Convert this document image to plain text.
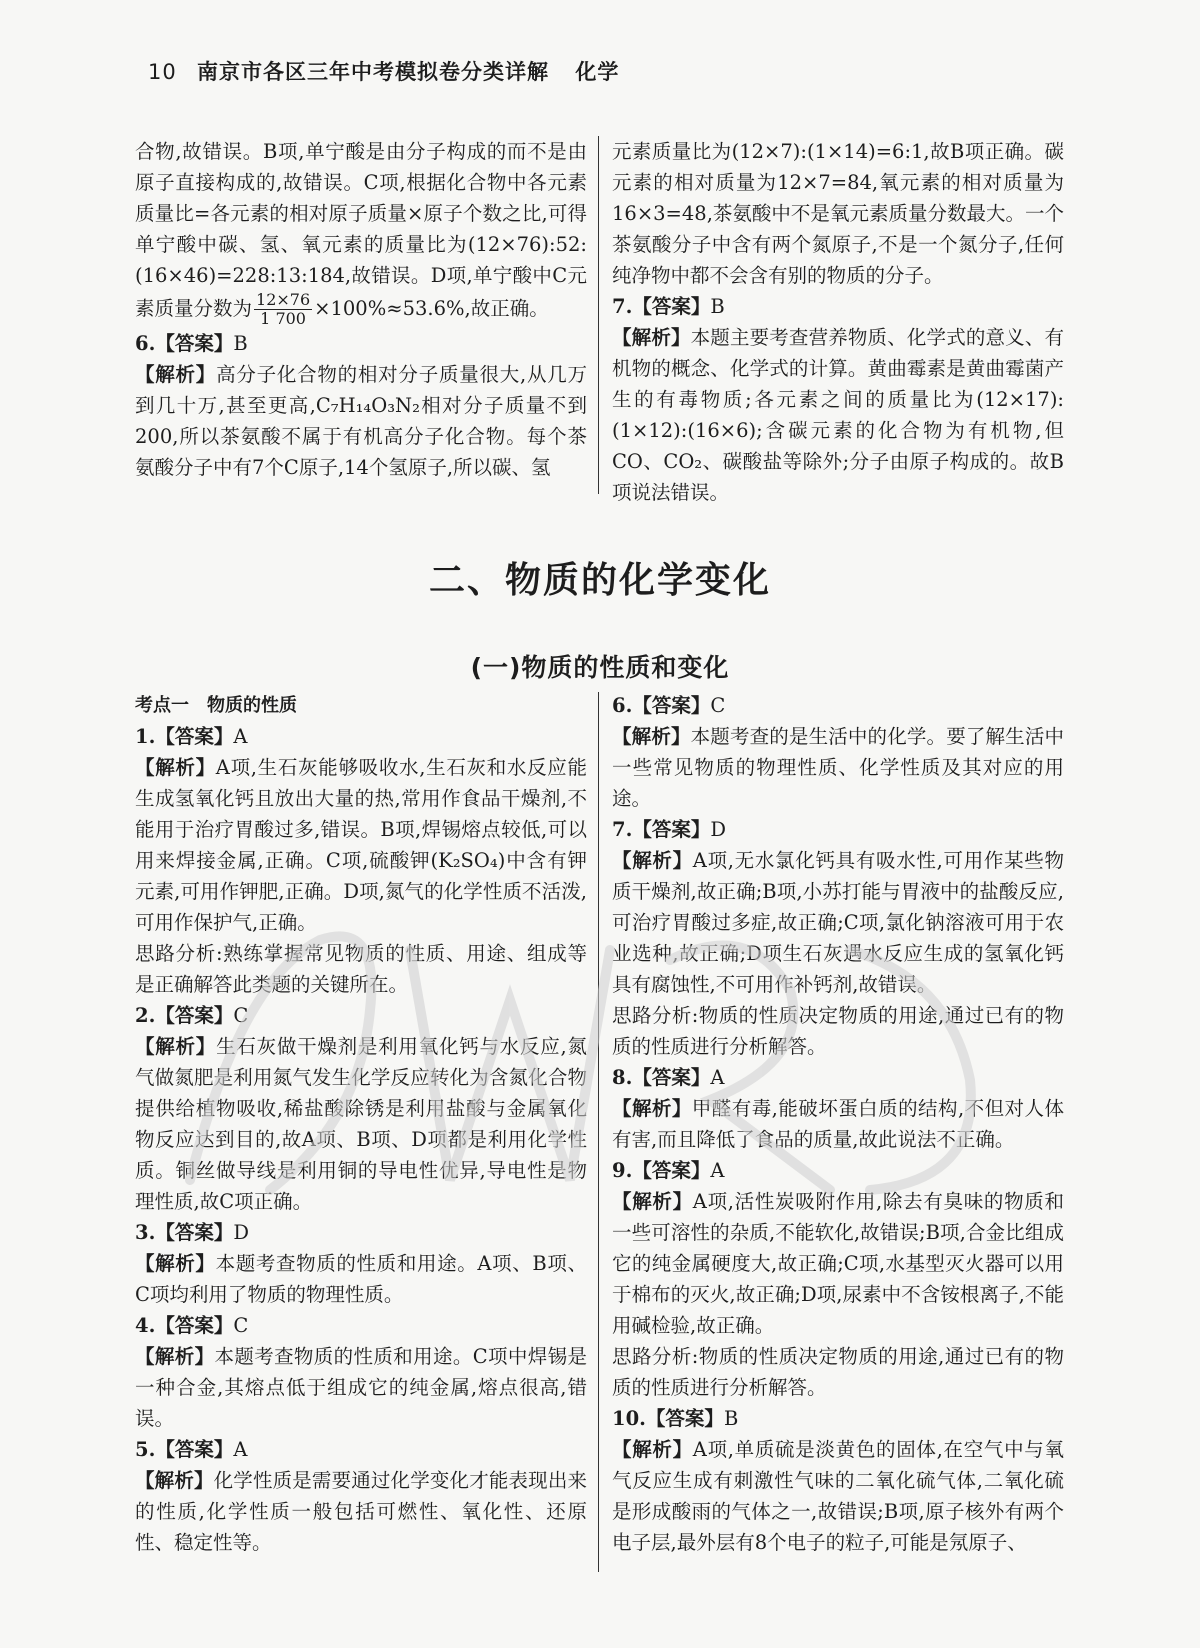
10 南京市各区三年中考模拟卷分类详解 化学

合物,故错误。B项,单宁酸是由分子构成的而不是由原子直接构成的,故错误。C项,根据化合物中各元素质量比=各元素的相对原子质量×原子个数之比,可得单宁酸中碳、氢、氧元素的质量比为(12×76):52:(16×46)=228:13:184,故错误。D项,单宁酸中C元素质量分数为 $\frac{12\times 76}{1 700} \times 100\%\approx 53.6\%$,故正确。

6.【答案】B

【解析】高分子化合物的相对分子质量很大,从几万到几十万,甚至更高,C₇H₁₄O₃N₂相对分子质量不到200,所以茶氨酸不属于有机高分子化合物。每个茶氨酸分子中有7个C原子,14个氢原子,所以碳、氢

元素质量比为(12×7):(1×14)=6:1,故B项正确。碳元素的相对质量为12×7=84,氧元素的相对质量为16×3=48,茶氨酸中不是氧元素质量分数最大。一个茶氨酸分子中含有两个氮原子,不是一个氮分子,任何纯净物中都不会含有别的物质的分子。

7.【答案】B

【解析】本题主要考查营养物质、化学式的意义、有机物的概念、化学式的计算。黄曲霉素是黄曲霉菌产生的有毒物质;各元素之间的质量比为(12×17):(1×12):(16×6);含碳元素的化合物为有机物,但CO、CO₂、碳酸盐等除外;分子由原子构成的。故B项说法错误。

二、物质的化学变化
(一)物质的性质和变化

考点一　物质的性质

1.【答案】A

【解析】A项,生石灰能够吸收水,生石灰和水反应能生成氢氧化钙且放出大量的热,常用作食品干燥剂,不能用于治疗胃酸过多,错误。B项,焊锡熔点较低,可以用来焊接金属,正确。C项,硫酸钾(K₂SO₄)中含有钾元素,可用作钾肥,正确。D项,氮气的化学性质不活泼,可用作保护气,正确。

思路分析:熟练掌握常见物质的性质、用途、组成等是正确解答此类题的关键所在。

2.【答案】C

【解析】生石灰做干燥剂是利用氧化钙与水反应,氮气做氮肥是利用氮气发生化学反应转化为含氮化合物提供给植物吸收,稀盐酸除锈是利用盐酸与金属氧化物反应达到目的,故A项、B项、D项都是利用化学性质。铜丝做导线是利用铜的导电性优异,导电性是物理性质,故C项正确。

3.【答案】D

【解析】本题考查物质的性质和用途。A项、B项、C项均利用了物质的物理性质。

4.【答案】C

【解析】本题考查物质的性质和用途。C项中焊锡是一种合金,其熔点低于组成它的纯金属,熔点很高,错误。

5.【答案】A

【解析】化学性质是需要通过化学变化才能表现出来的性质,化学性质一般包括可燃性、氧化性、还原性、稳定性等。

6.【答案】C

【解析】本题考查的是生活中的化学。要了解生活中一些常见物质的物理性质、化学性质及其对应的用途。

7.【答案】D

【解析】A项,无水氯化钙具有吸水性,可用作某些物质干燥剂,故正确;B项,小苏打能与胃液中的盐酸反应,可治疗胃酸过多症,故正确;C项,氯化钠溶液可用于农业选种,故正确;D项生石灰遇水反应生成的氢氧化钙具有腐蚀性,不可用作补钙剂,故错误。

思路分析:物质的性质决定物质的用途,通过已有的物质的性质进行分析解答。

8.【答案】A

【解析】甲醛有毒,能破坏蛋白质的结构,不但对人体有害,而且降低了食品的质量,故此说法不正确。

9.【答案】A

【解析】A项,活性炭吸附作用,除去有臭味的物质和一些可溶性的杂质,不能软化,故错误;B项,合金比组成它的纯金属硬度大,故正确;C项,水基型灭火器可以用于棉布的灭火,故正确;D项,尿素中不含铵根离子,不能用碱检验,故正确。

思路分析:物质的性质决定物质的用途,通过已有的物质的性质进行分析解答。

10.【答案】B

【解析】A项,单质硫是淡黄色的固体,在空气中与氧气反应生成有刺激性气味的二氧化硫气体,二氧化硫是形成酸雨的气体之一,故错误;B项,原子核外有两个电子层,最外层有8个电子的粒子,可能是氖原子、
